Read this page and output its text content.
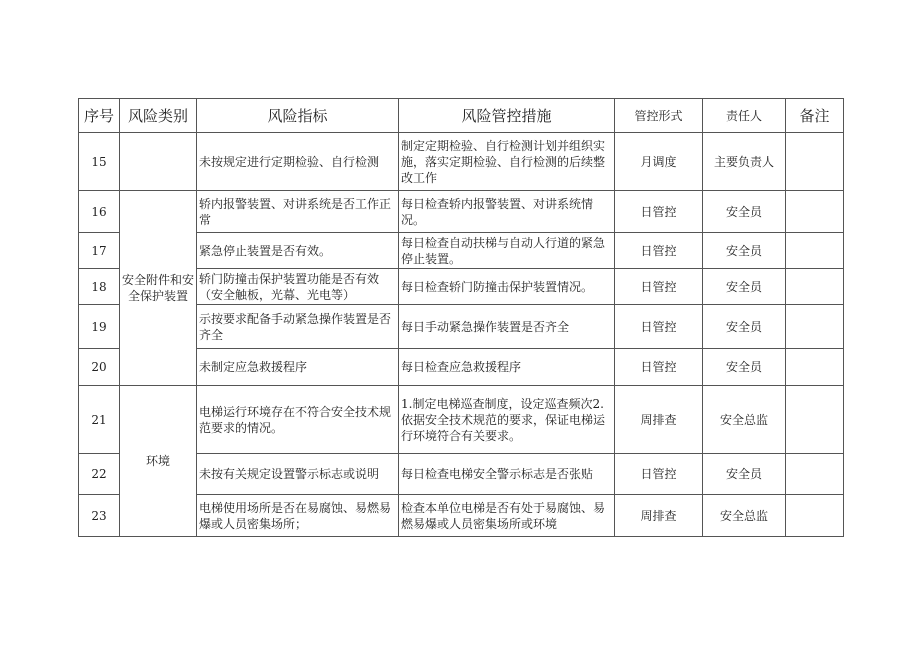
序号	风险类别	风险指标	风险管控措施	管控形式	责任人	备注
15		未按规定进行定期检验、自行检测	制定定期检验、自行检测计划并组织实施，落实定期检验、自行检测的后续整改工作	月调度	主要负责人	
16	安全附件和安全保护装置	轿内报警装置、对讲系统是否工作正常	每日检查轿内报警装置、对讲系统情况。	日管控	安全员	
17		紧急停止装置是否有效。	每日检查自动扶梯与自动人行道的紧急停止装置。	日管控	安全员	
18		轿门防撞击保护装置功能是否有效（安全触板，光幕、光电等）	每日检查轿门防撞击保护装置情况。	日管控	安全员	
19		示按要求配备手动紧急操作装置是否齐全	每日手动紧急操作装置是否齐全	日管控	安全员	
20		未制定应急救援程序	每日检查应急救援程序	日管控	安全员	
21	环境	电梯运行环境存在不符合安全技术规范要求的情况。	1.制定电梯巡查制度，设定巡查频次2.依据安全技术规范的要求，保证电梯运行环境符合有关要求。	周排查	安全总监	
22		未按有关规定设置警示标志或说明	每日检查电梯安全警示标志是否张贴	日管控	安全员	
23		电梯使用场所是否在易腐蚀、易燃易爆或人员密集场所；	检查本单位电梯是否有处于易腐蚀、易燃易爆或人员密集场所或环境	周排查	安全总监	
